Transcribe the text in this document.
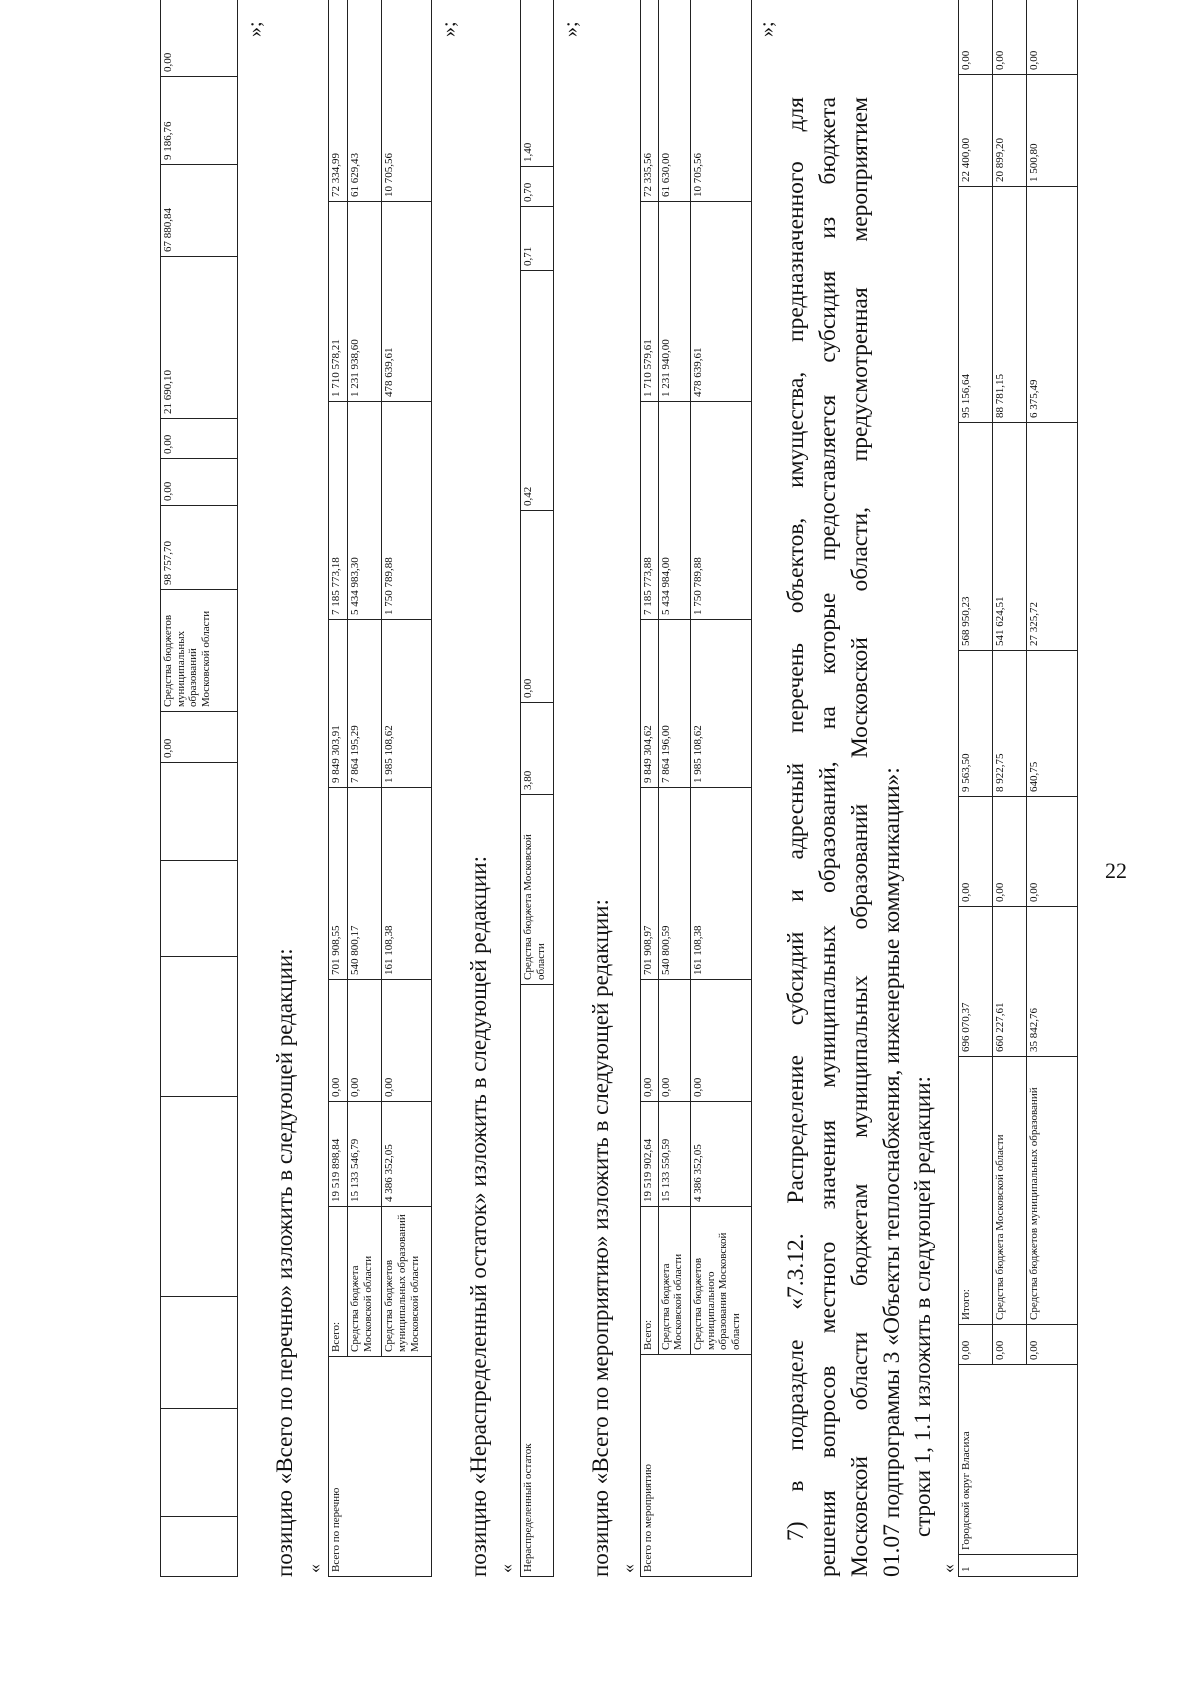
22
							0,00	Средства бюджетов муниципальных образований Московской области	98 757,70	0,00	0,00	21 690,10	67 880,84	9 186,76	0,00
»;
позицию «Всего по перечню» изложить в следующей редакции: « Всего по перечню	Всего:	19 519 898,84	0,00	701 908,55	9 849 303,91	7 185 773,18	1 710 578,21	72 334,99
	Средства бюджета Московской области	15 133 546,79	0,00	540 800,17	7 864 195,29	5 434 983,30	1 231 938,60	61 629,43
	Средства бюджетов муниципальных образований Московской области	4 386 352,05	0,00	161 108,38	1 985 108,62	1 750 789,88	478 639,61	10 705,56
»;
позицию «Нераспределенный остаток» изложить в следующей редакции: « Нераспределенный остаток	Средства бюджета Московской области	3,80	0,00	0,42	0,71	0,70	1,40	
»;
позицию «Всего по мероприятию» изложить в следующей редакции: « Всего по мероприятию	Всего:	19 519 902,64	0,00	701 908,97	9 849 304,62	7 185 773,88	1 710 579,61	72 335,56
	Средства бюджета Московской области	15 133 550,59	0,00	540 800,59	7 864 196,00	5 434 984,00	1 231 940,00	61 630,00
	Средства бюджетов муниципального образования Московской области	4 386 352,05	0,00	161 108,38	1 985 108,62	1 750 789,88	478 639,61	10 705,56
»;

7) в подразделе «7.3.12. Распределение субсидий и адресный перечень объектов, имущества, предназначенного для решения вопросов местного значения муниципальных образований, на которые предоставляется субсидия из бюджета Московской области бюджетам муниципальных образований Московской области, предусмотренная мероприятием 01.07 подпрограммы 3 «Объекты теплоснабжения, инженерные коммуникации»: строки 1, 1.1 изложить в следующей редакции:
« 1	Городской округ Власиха	0,00	Итого:	696 070,37	0,00	9 563,50	568 950,23	95 156,64	22 400,00	0,00
		0,00	Средства бюджета Московской области	660 227,61	0,00	8 922,75	541 624,51	88 781,15	20 899,20	0,00
		0,00	Средства бюджетов муниципальных образований	35 842,76	0,00	640,75	27 325,72	6 375,49	1 500,80	0,00
